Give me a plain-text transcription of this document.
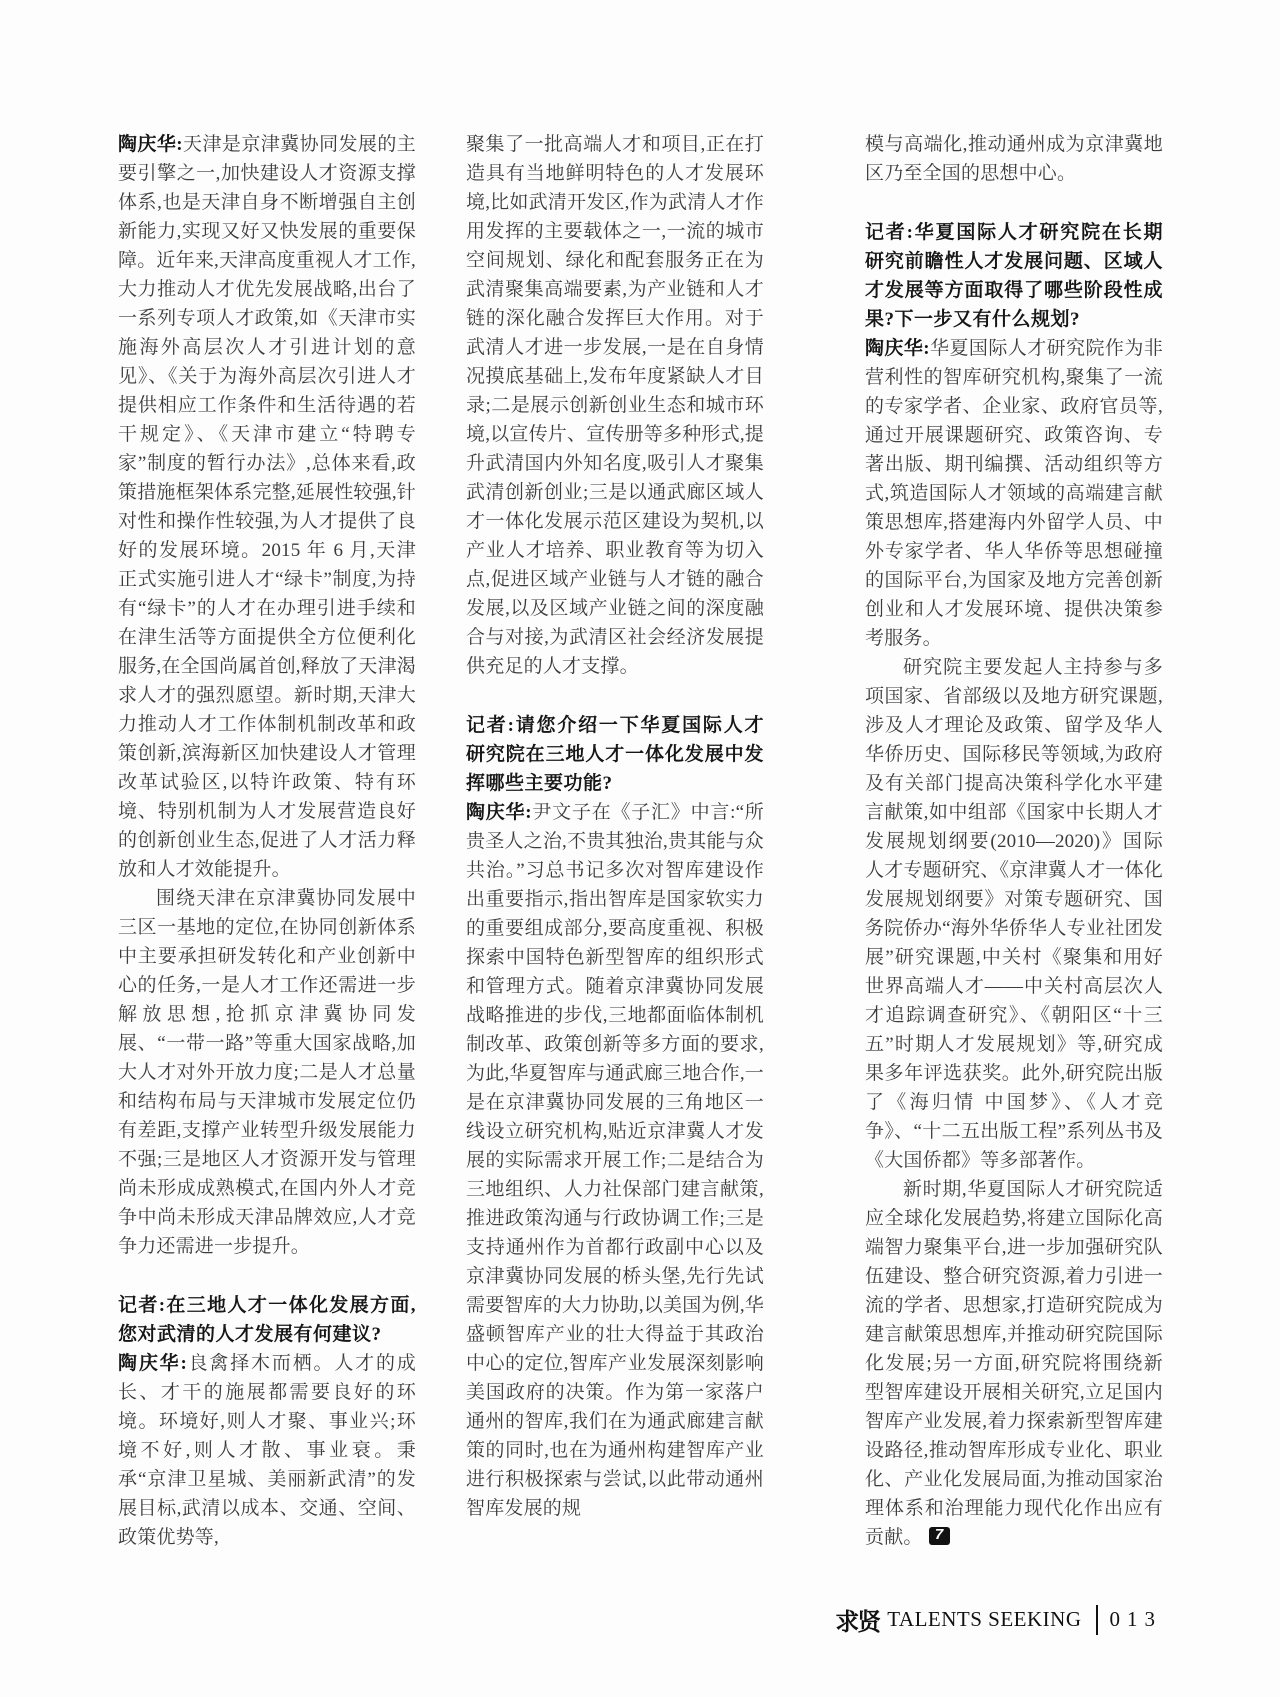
陶庆华:天津是京津冀协同发展的主要引擎之一,加快建设人才资源支撑体系,也是天津自身不断增强自主创新能力,实现又好又快发展的重要保障。近年来,天津高度重视人才工作,大力推动人才优先发展战略,出台了一系列专项人才政策,如《天津市实施海外高层次人才引进计划的意见》、《关于为海外高层次引进人才提供相应工作条件和生活待遇的若干规定》、《天津市建立“特聘专家”制度的暂行办法》,总体来看,政策措施框架体系完整,延展性较强,针对性和操作性较强,为人才提供了良好的发展环境。2015 年 6 月,天津正式实施引进人才“绿卡”制度,为持有“绿卡”的人才在办理引进手续和在津生活等方面提供全方位便利化服务,在全国尚属首创,释放了天津渴求人才的强烈愿望。新时期,天津大力推动人才工作体制机制改革和政策创新,滨海新区加快建设人才管理改革试验区,以特许政策、特有环境、特别机制为人才发展营造良好的创新创业生态,促进了人才活力释放和人才效能提升。

围绕天津在京津冀协同发展中三区一基地的定位,在协同创新体系中主要承担研发转化和产业创新中心的任务,一是人才工作还需进一步解放思想,抢抓京津冀协同发展、“一带一路”等重大国家战略,加大人才对外开放力度;二是人才总量和结构布局与天津城市发展定位仍有差距,支撑产业转型升级发展能力不强;三是地区人才资源开发与管理尚未形成成熟模式,在国内外人才竞争中尚未形成天津品牌效应,人才竞争力还需进一步提升。

记者:在三地人才一体化发展方面,您对武清的人才发展有何建议?

陶庆华:良禽择木而栖。人才的成长、才干的施展都需要良好的环境。环境好,则人才聚、事业兴;环境不好,则人才散、事业衰。秉承“京津卫星城、美丽新武清”的发展目标,武清以成本、交通、空间、政策优势等,

聚集了一批高端人才和项目,正在打造具有当地鲜明特色的人才发展环境,比如武清开发区,作为武清人才作用发挥的主要载体之一,一流的城市空间规划、绿化和配套服务正在为武清聚集高端要素,为产业链和人才链的深化融合发挥巨大作用。对于武清人才进一步发展,一是在自身情况摸底基础上,发布年度紧缺人才目录;二是展示创新创业生态和城市环境,以宣传片、宣传册等多种形式,提升武清国内外知名度,吸引人才聚集武清创新创业;三是以通武廊区域人才一体化发展示范区建设为契机,以产业人才培养、职业教育等为切入点,促进区域产业链与人才链的融合发展,以及区域产业链之间的深度融合与对接,为武清区社会经济发展提供充足的人才支撑。

记者:请您介绍一下华夏国际人才研究院在三地人才一体化发展中发挥哪些主要功能?

陶庆华:尹文子在《子汇》中言:“所贵圣人之治,不贵其独治,贵其能与众共治。”习总书记多次对智库建设作出重要指示,指出智库是国家软实力的重要组成部分,要高度重视、积极探索中国特色新型智库的组织形式和管理方式。随着京津冀协同发展战略推进的步伐,三地都面临体制机制改革、政策创新等多方面的要求,为此,华夏智库与通武廊三地合作,一是在京津冀协同发展的三角地区一线设立研究机构,贴近京津冀人才发展的实际需求开展工作;二是结合为三地组织、人力社保部门建言献策,推进政策沟通与行政协调工作;三是支持通州作为首都行政副中心以及京津冀协同发展的桥头堡,先行先试需要智库的大力协助,以美国为例,华盛顿智库产业的壮大得益于其政治中心的定位,智库产业发展深刻影响美国政府的决策。作为第一家落户通州的智库,我们在为通武廊建言献策的同时,也在为通州构建智库产业进行积极探索与尝试,以此带动通州智库发展的规

模与高端化,推动通州成为京津冀地区乃至全国的思想中心。

记者:华夏国际人才研究院在长期研究前瞻性人才发展问题、区域人才发展等方面取得了哪些阶段性成果?下一步又有什么规划?

陶庆华:华夏国际人才研究院作为非营利性的智库研究机构,聚集了一流的专家学者、企业家、政府官员等,通过开展课题研究、政策咨询、专著出版、期刊编撰、活动组织等方式,筑造国际人才领域的高端建言献策思想库,搭建海内外留学人员、中外专家学者、华人华侨等思想碰撞的国际平台,为国家及地方完善创新创业和人才发展环境、提供决策参考服务。

研究院主要发起人主持参与多项国家、省部级以及地方研究课题,涉及人才理论及政策、留学及华人华侨历史、国际移民等领域,为政府及有关部门提高决策科学化水平建言献策,如中组部《国家中长期人才发展规划纲要(2010—2020)》国际人才专题研究、《京津冀人才一体化发展规划纲要》对策专题研究、国务院侨办“海外华侨华人专业社团发展”研究课题,中关村《聚集和用好世界高端人才——中关村高层次人才追踪调查研究》、《朝阳区“十三五”时期人才发展规划》等,研究成果多年评选获奖。此外,研究院出版了《海归情 中国梦》、《人才竞争》、“十二五出版工程”系列丛书及《大国侨都》等多部著作。

新时期,华夏国际人才研究院适应全球化发展趋势,将建立国际化高端智力聚集平台,进一步加强研究队伍建设、整合研究资源,着力引进一流的学者、思想家,打造研究院成为建言献策思想库,并推动研究院国际化发展;另一方面,研究院将围绕新型智库建设开展相关研究,立足国内智库产业发展,着力探索新型智库建设路径,推动智库形成专业化、职业化、产业化发展局面,为推动国家治理体系和治理能力现代化作出应有贡献。 7

求贤 TALENTS SEEKING 013
